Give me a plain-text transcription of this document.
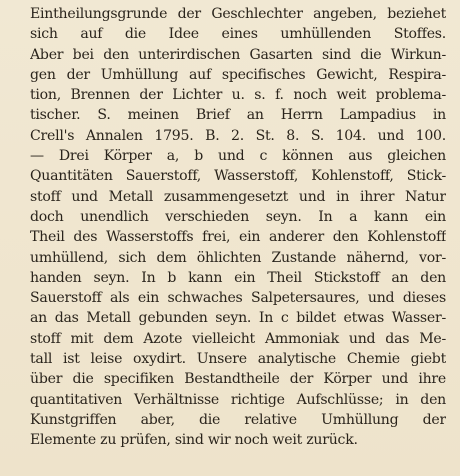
Eintheilungsgrunde der Geschlechter angeben, beziehet
sich auf die Idee eines umhüllenden Stoffes.
Aber bei den unterirdischen Gasarten sind die Wirkun-
gen der Umhüllung auf specifisches Gewicht, Respira-
tion, Brennen der Lichter u. s. f. noch weit problema-
tischer. S. meinen Brief an Herrn Lampadius in
Crell's Annalen 1795. B. 2. St. 8. S. 104. und 100.
— Drei Körper a, b und c können aus gleichen
Quantitäten Sauerstoff, Wasserstoff, Kohlenstoff, Stick-
stoff und Metall zusammengesetzt und in ihrer Natur
doch unendlich verschieden seyn. In a kann ein
Theil des Wasserstoffs frei, ein anderer den Kohlenstoff
umhüllend, sich dem öhlichten Zustande nähernd, vor-
handen seyn. In b kann ein Theil Stickstoff an den
Sauerstoff als ein schwaches Salpetersaures, und dieses
an das Metall gebunden seyn. In c bildet etwas Wasser-
stoff mit dem Azote vielleicht Ammoniak und das Me-
tall ist leise oxydirt. Unsere analytische Chemie giebt
über die specifiken Bestandtheile der Körper und ihre
quantitativen Verhältnisse richtige Aufschlüsse; in den
Kunstgriffen aber, die relative Umhüllung der
Elemente zu prüfen, sind wir noch weit zurück.
